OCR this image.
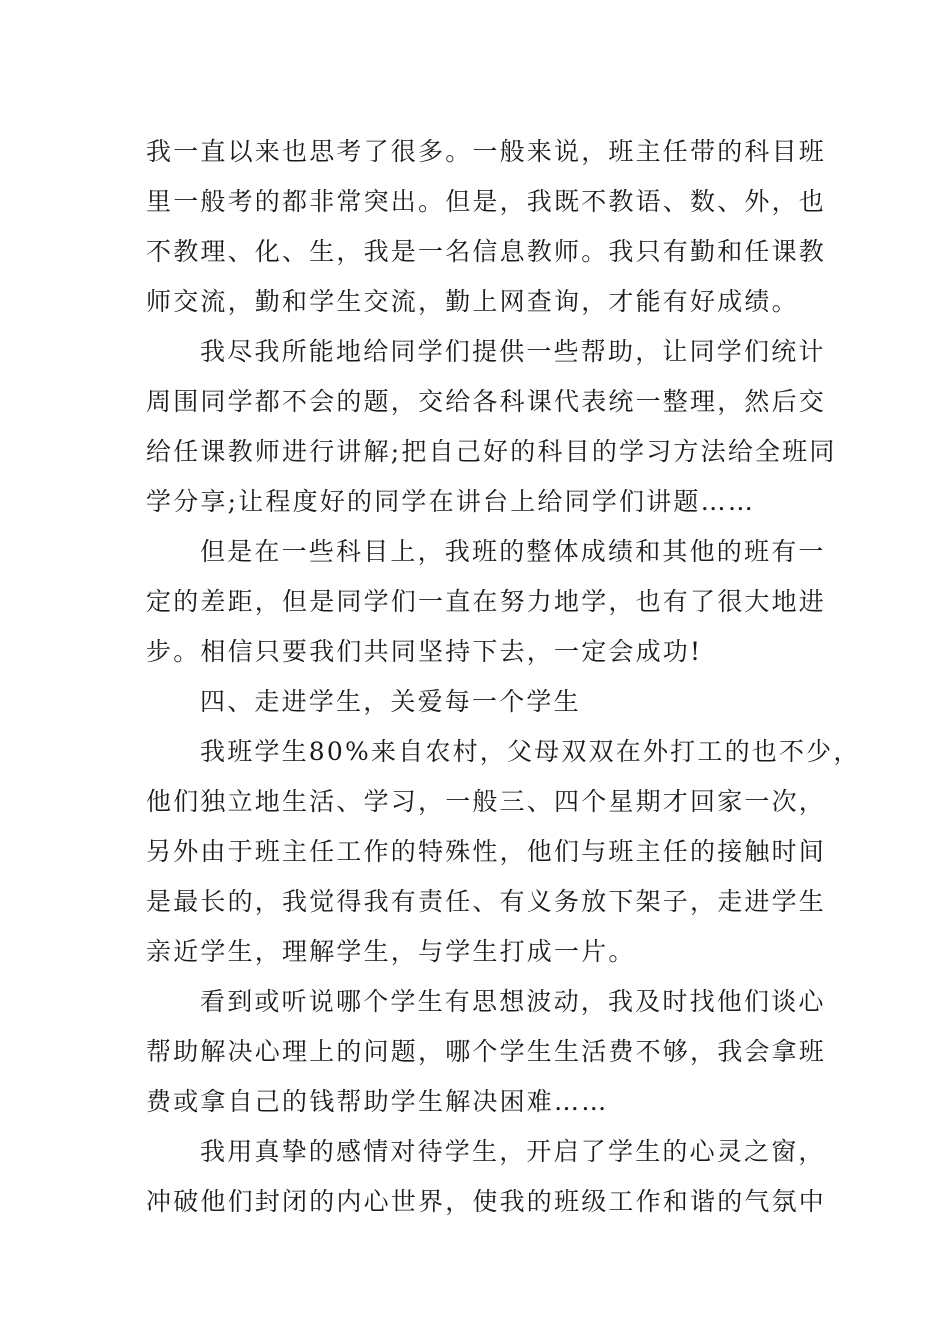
我一直以来也思考了很多。一般来说，班主任带的科目班
里一般考的都非常突出。但是，我既不教语、数、外，也
不教理、化、生，我是一名信息教师。我只有勤和任课教
师交流，勤和学生交流，勤上网查询，才能有好成绩。
我尽我所能地给同学们提供一些帮助，让同学们统计
周围同学都不会的题，交给各科课代表统一整理，然后交
给任课教师进行讲解;把自己好的科目的学习方法给全班同
学分享;让程度好的同学在讲台上给同学们讲题……
但是在一些科目上，我班的整体成绩和其他的班有一
定的差距，但是同学们一直在努力地学，也有了很大地进
步。相信只要我们共同坚持下去，一定会成功!
四、走进学生，关爱每一个学生
我班学生80%来自农村，父母双双在外打工的也不少，
他们独立地生活、学习，一般三、四个星期才回家一次，
另外由于班主任工作的特殊性，他们与班主任的接触时间
是最长的，我觉得我有责任、有义务放下架子，走进学生
亲近学生，理解学生，与学生打成一片。
看到或听说哪个学生有思想波动，我及时找他们谈心
帮助解决心理上的问题，哪个学生生活费不够，我会拿班
费或拿自己的钱帮助学生解决困难……
我用真挚的感情对待学生，开启了学生的心灵之窗，
冲破他们封闭的内心世界，使我的班级工作和谐的气氛中
